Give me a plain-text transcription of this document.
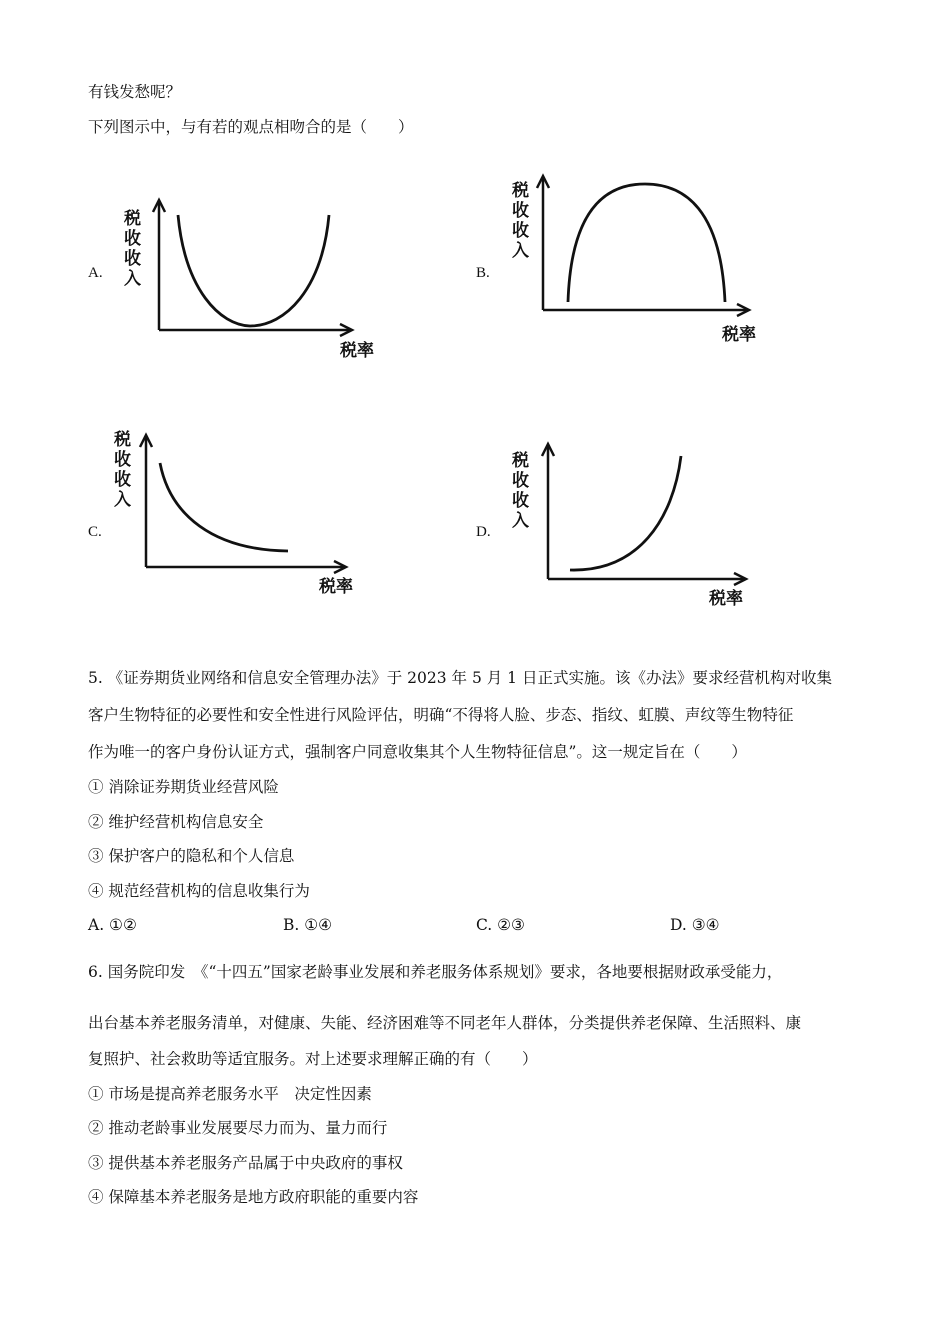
有钱发愁呢？
下列图示中，与有若的观点相吻合的是（　　）
A.	B.
C.	D.
税
收
收
入
税率
税
收
收
入
税率
税
收
收
入
税率
税
收
收
入
税率
5. 《证券期货业网络和信息安全管理办法》于 2023 年 5 月 1 日正式实施。该《办法》要求经营机构对收集
客户生物特征的必要性和安全性进行风险评估，明确“不得将人脸、步态、指纹、虹膜、声纹等生物特征
作为唯一的客户身份认证方式，强制客户同意收集其个人生物特征信息”。这一规定旨在（　　）
① 消除证券期货业经营风险
② 维护经营机构信息安全
③ 保护客户的隐私和个人信息
④ 规范经营机构的信息收集行为
A. ①②	B. ①④	C. ②③	D. ③④
6. 国务院印发　《“十四五”国家老龄事业发展和养老服务体系规划》要求，各地要根据财政承受能力，
出台基本养老服务清单，对健康、失能、经济困难等不同老年人群体，分类提供养老保障、生活照料、康
复照护、社会救助等适宜服务。对上述要求理解正确的有（　　）
① 市场是提高养老服务水平　决定性因素
② 推动老龄事业发展要尽力而为、量力而行
③ 提供基本养老服务产品属于中央政府的事权
④ 保障基本养老服务是地方政府职能的重要内容
